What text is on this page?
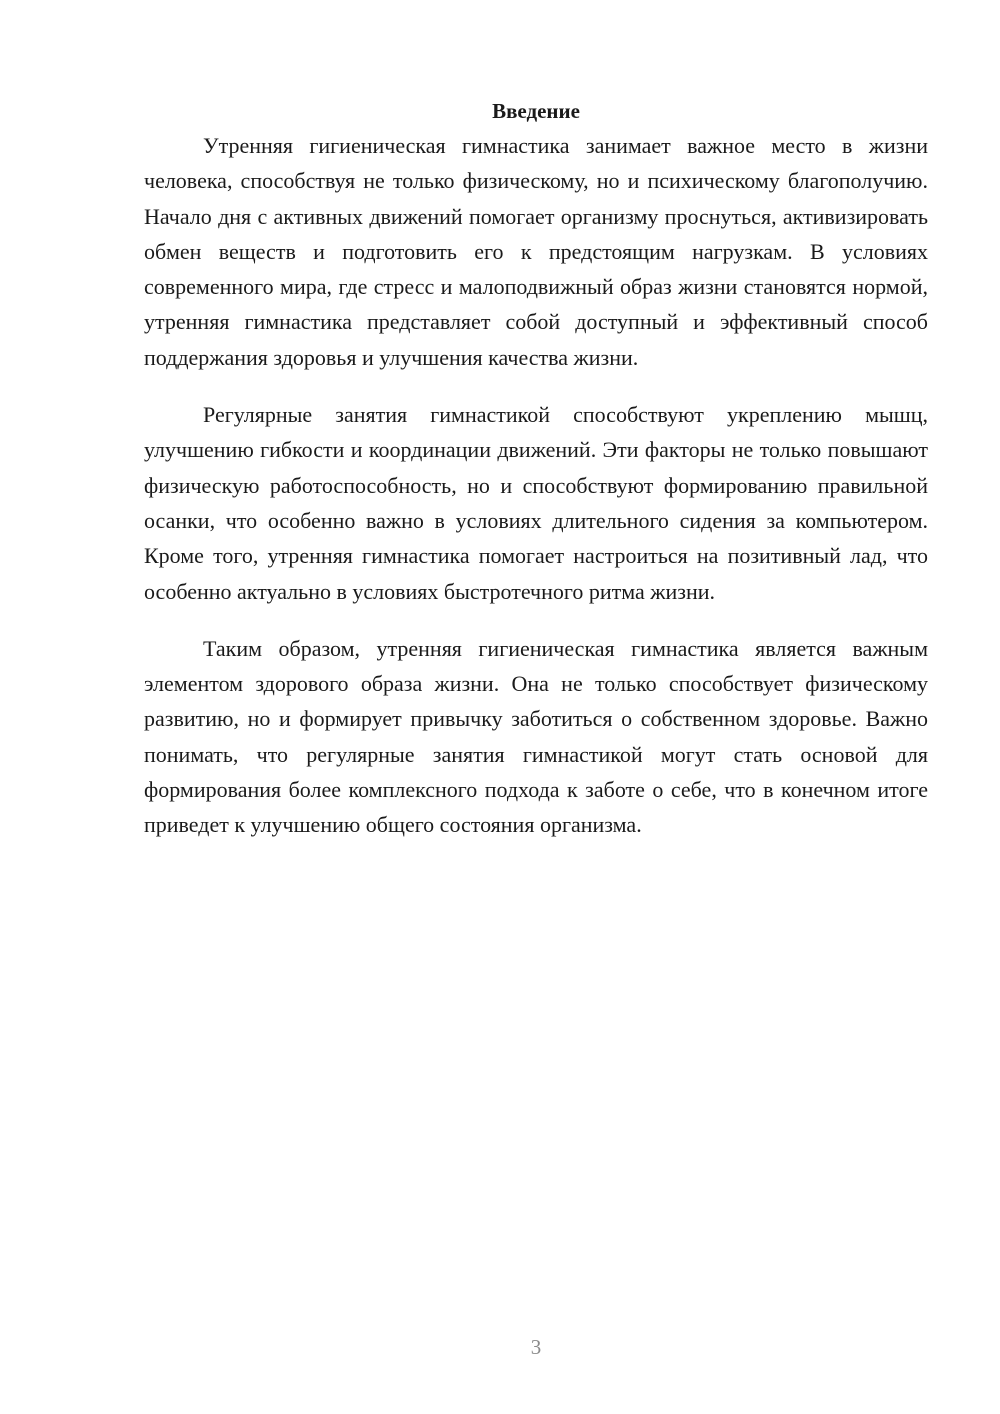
Введение

Утренняя гигиеническая гимнастика занимает важное место в жизни человека, способствуя не только физическому, но и психическому благополучию. Начало дня с активных движений помогает организму проснуться, активизировать обмен веществ и подготовить его к предстоящим нагрузкам. В условиях современного мира, где стресс и малоподвижный образ жизни становятся нормой, утренняя гимнастика представляет собой доступный и эффективный способ поддержания здоровья и улучшения качества жизни.

Регулярные занятия гимнастикой способствуют укреплению мышц, улучшению гибкости и координации движений. Эти факторы не только повышают физическую работоспособность, но и способствуют формированию правильной осанки, что особенно важно в условиях длительного сидения за компьютером. Кроме того, утренняя гимнастика помогает настроиться на позитивный лад, что особенно актуально в условиях быстротечного ритма жизни.

Таким образом, утренняя гигиеническая гимнастика является важным элементом здорового образа жизни. Она не только способствует физическому развитию, но и формирует привычку заботиться о собственном здоровье. Важно понимать, что регулярные занятия гимнастикой могут стать основой для формирования более комплексного подхода к заботе о себе, что в конечном итоге приведет к улучшению общего состояния организма.

3
